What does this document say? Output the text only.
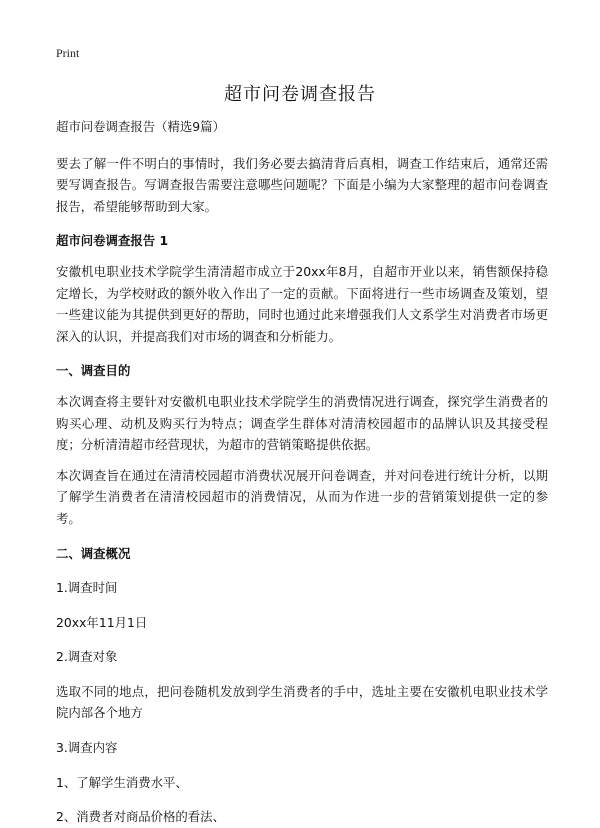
Print
超市问卷调查报告

超市问卷调查报告（精选9篇）

要去了解一件不明白的事情时，我们务必要去搞清背后真相，调查工作结束后，通常还需要写调查报告。写调查报告需要注意哪些问题呢？下面是小编为大家整理的超市问卷调查报告，希望能够帮助到大家。

超市问卷调查报告 1

安徽机电职业技术学院学生清清超市成立于20xx年8月，自超市开业以来，销售额保持稳定增长，为学校财政的额外收入作出了一定的贡献。下面将进行一些市场调查及策划，望一些建议能为其提供到更好的帮助，同时也通过此来增强我们人文系学生对消费者市场更深入的认识，并提高我们对市场的调查和分析能力。

一、调查目的

本次调查将主要针对安徽机电职业技术学院学生的消费情况进行调查，探究学生消费者的购买心理、动机及购买行为特点；调查学生群体对清清校园超市的品牌认识及其接受程度；分析清清超市经营现状，为超市的营销策略提供依据。

本次调查旨在通过在清清校园超市消费状况展开问卷调查，并对问卷进行统计分析，以期了解学生消费者在清清校园超市的消费情况，从而为作进一步的营销策划提供一定的参考。

二、调查概况

1.调查时间

20xx年11月1日

2.调查对象

选取不同的地点，把问卷随机发放到学生消费者的手中，选址主要在安徽机电职业技术学院内部各个地方

3.调查内容

1、了解学生消费水平、

2、消费者对商品价格的看法、
